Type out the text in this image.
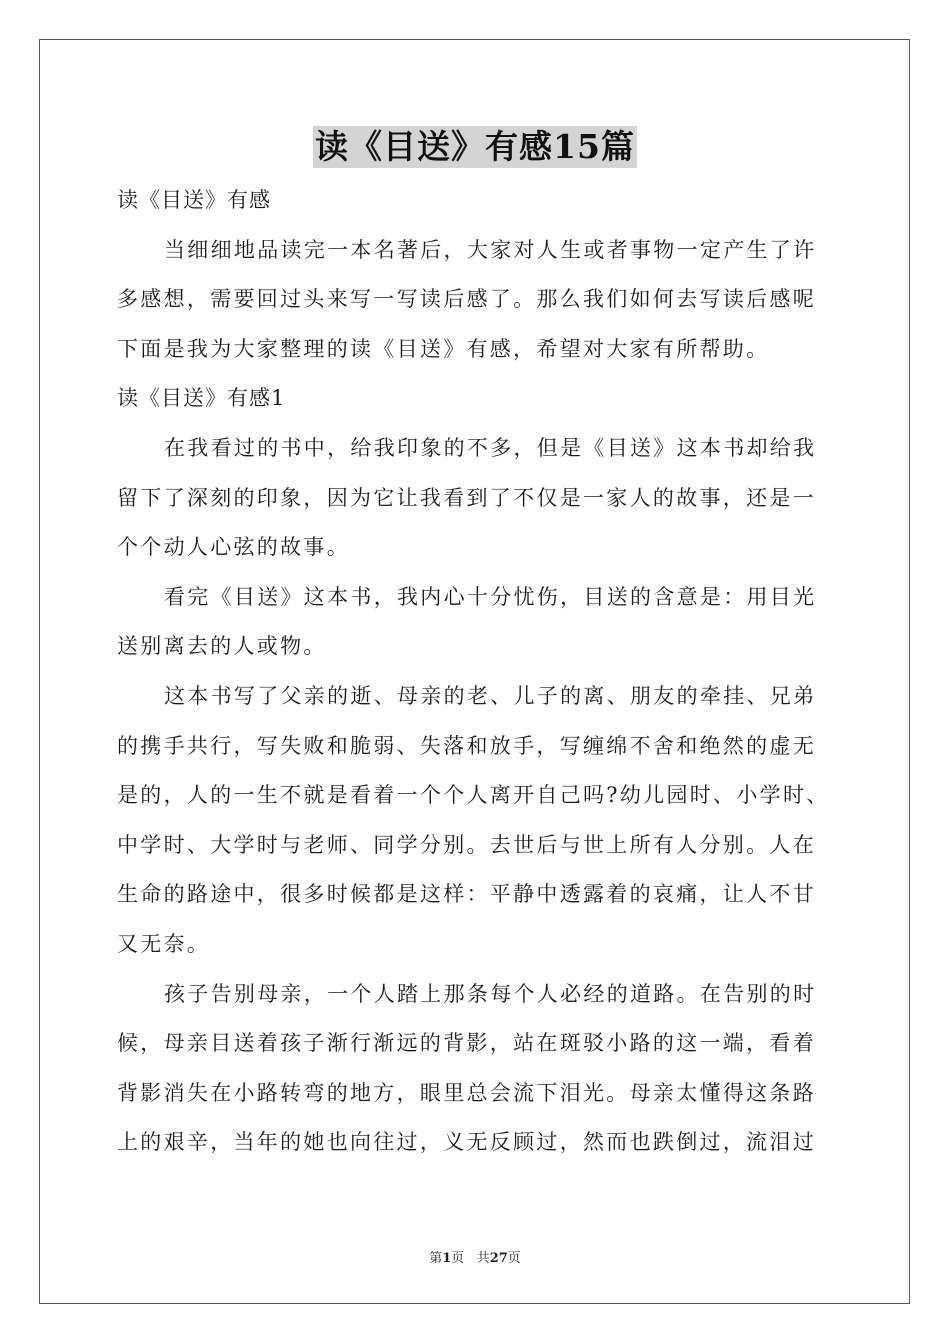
读《目送》有感15篇
读《目送》有感
当细细地品读完一本名著后，大家对人生或者事物一定产生了许
多感想，需要回过头来写一写读后感了。那么我们如何去写读后感呢
下面是我为大家整理的读《目送》有感，希望对大家有所帮助。
读《目送》有感1
在我看过的书中，给我印象的不多，但是《目送》这本书却给我
留下了深刻的印象，因为它让我看到了不仅是一家人的故事，还是一
个个动人心弦的故事。
看完《目送》这本书，我内心十分忧伤，目送的含意是：用目光
送别离去的人或物。
这本书写了父亲的逝、母亲的老、儿子的离、朋友的牵挂、兄弟
的携手共行，写失败和脆弱、失落和放手，写缠绵不舍和绝然的虚无
是的，人的一生不就是看着一个个人离开自己吗?幼儿园时、小学时、
中学时、大学时与老师、同学分别。去世后与世上所有人分别。人在
生命的路途中，很多时候都是这样：平静中透露着的哀痛，让人不甘
又无奈。
孩子告别母亲，一个人踏上那条每个人必经的道路。在告别的时
候，母亲目送着孩子渐行渐远的背影，站在斑驳小路的这一端，看着
背影消失在小路转弯的地方，眼里总会流下泪光。母亲太懂得这条路
上的艰辛，当年的她也向往过，义无反顾过，然而也跌倒过，流泪过
第1页 共27页
